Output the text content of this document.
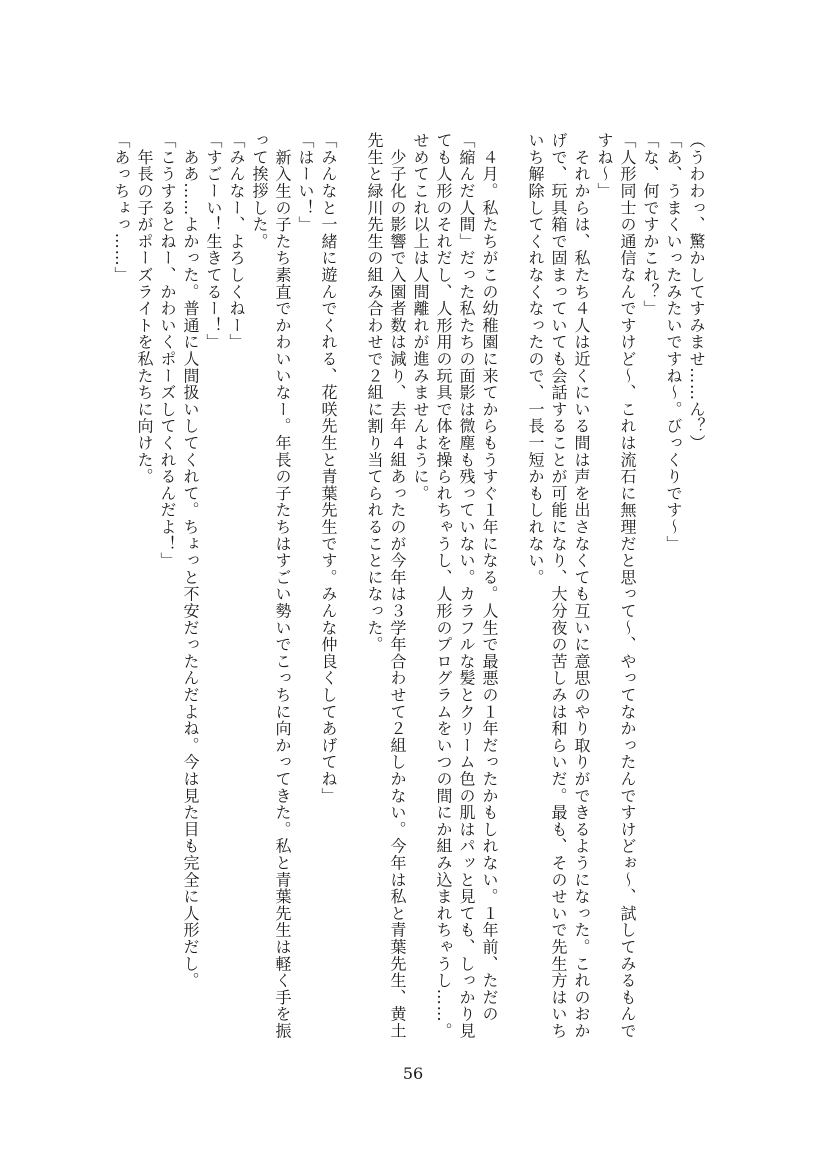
（うわわっ、驚かしてすみませ……ん？）
「あ、うまくいったみたいですね～。びっくりです～」
「な、何ですかこれ？」
「人形同士の通信なんですけど～、これは流石に無理だと思って～、やってなかったんですけどぉ～、試してみるもんですね～」
　それからは、私たち４人は近くにいる間は声を出さなくても互いに意思のやり取りができるようになった。これのおかげで、玩具箱で固まっていても会話することが可能になり、大分夜の苦しみは和らいだ。最も、そのせいで先生方はいちいち解除してくれなくなったので、一長一短かもしれない。
　４月。私たちがこの幼稚園に来てからもうすぐ１年になる。人生で最悪の１年だったかもしれない。１年前、ただの「縮んだ人間」だった私たちの面影は微塵も残っていない。カラフルな髪とクリーム色の肌はパッと見ても、しっかり見ても人形のそれだし、人形用の玩具で体を操られちゃうし、人形のプログラムをいつの間にか組み込まれちゃうし……。せめてこれ以上は人間離れが進みませんように。
　少子化の影響で入園者数は減り、去年４組あったのが今年は３学年合わせて２組しかない。今年は私と青葉先生、黄土先生と緑川先生の組み合わせで２組に割り当てられることになった。
「みんなと一緒に遊んでくれる、花咲先生と青葉先生です。みんな仲良くしてあげてね」
「はーい！」
　新入生の子たち素直でかわいいなー。年長の子たちはすごい勢いでこっちに向かってきた。私と青葉先生は軽く手を振って挨拶した。
「みんなー、よろしくねー」
「すごーい！生きてるー！」
　ああ……よかった。普通に人間扱いしてくれて。ちょっと不安だったんだよね。今は見た目も完全に人形だし。
「こうするとねー、かわいくポーズしてくれるんだよ！」
　年長の子がポーズライトを私たちに向けた。
「あっちょっ……」
56
